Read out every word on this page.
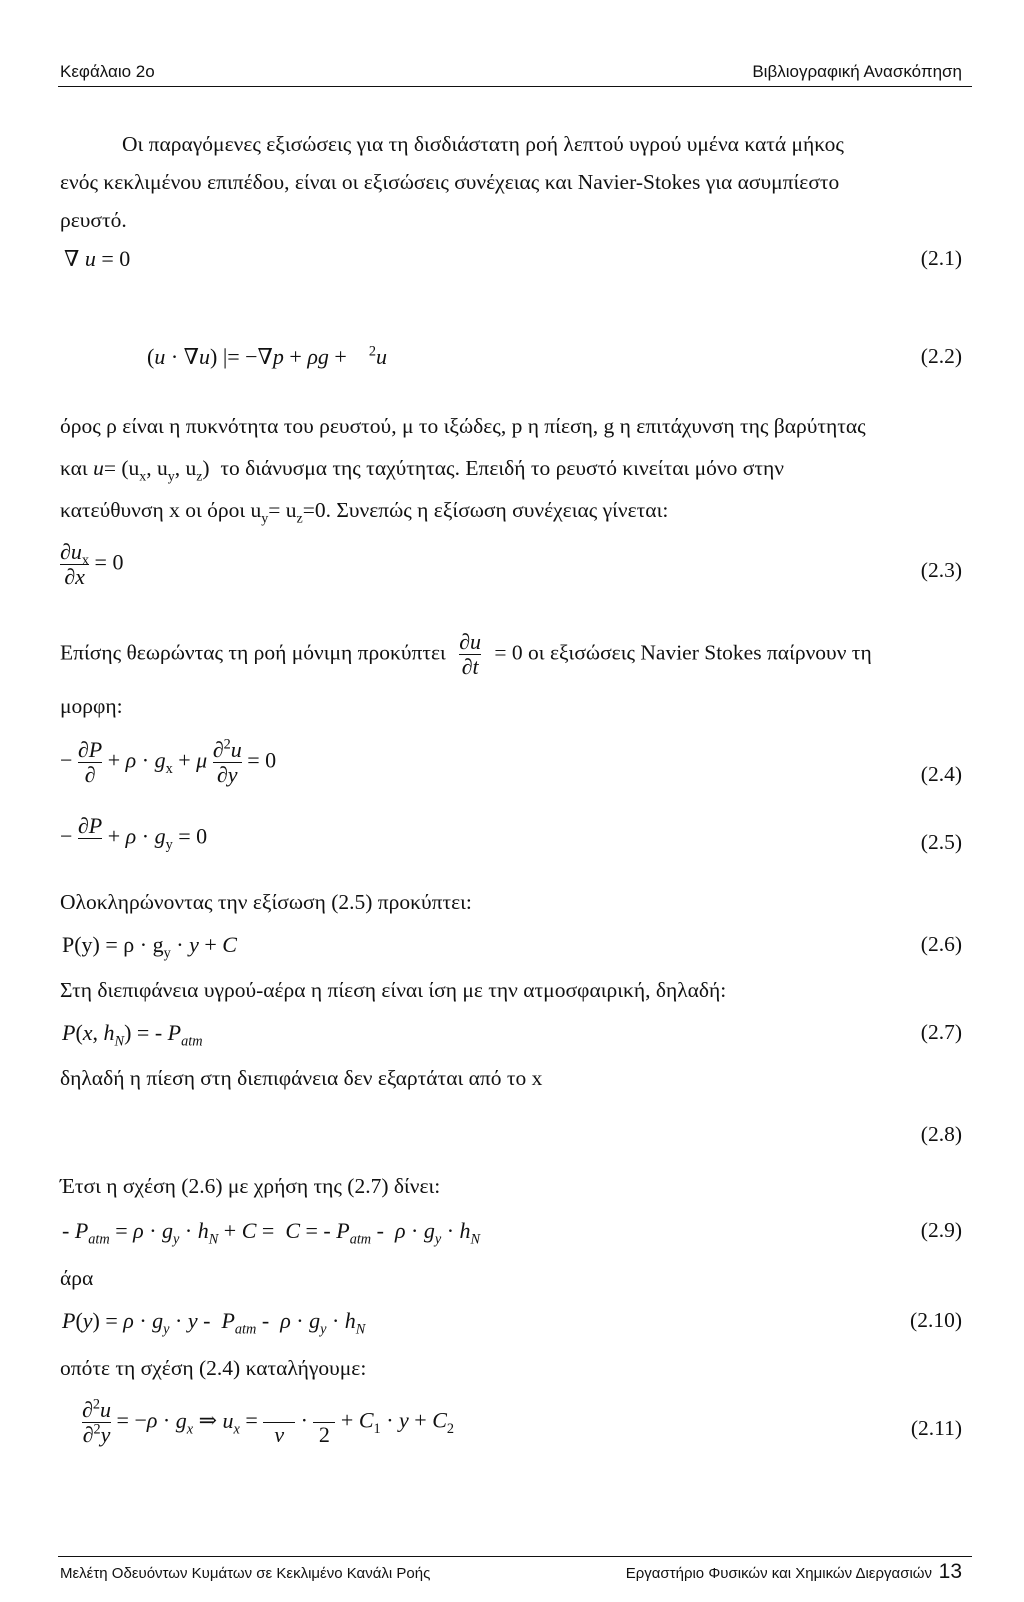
Κεφάλαιο 2ο	Βιβλιογραφική Ανασκόπηση
Οι παραγόμενες εξισώσεις για τη δισδιάστατη ροή λεπτού υγρού υμένα κατά μήκος
ενός κεκλιμένου επιπέδου, είναι οι εξισώσεις συνέχειας και Navier-Stokes για ασυμπίεστο
ρευστό.
∇ u = 0	(2.1)
(u · ∇u) |= −∇p + ρg +    $^2$u	(2.2)
όρος ρ είναι η πυκνότητα του ρευστού, μ το ιξώδες, p η πίεση, g η επιτάχυνση της βαρύτητας
και $u= (u_x$, $u_y$, $u_z$)  το διάνυσμα της ταχύτητας. Επειδή το ρευστό κινείται μόνο στην
κατεύθυνση x οι όροι $u_y= u_z=0$. Συνεπώς η εξίσωση συνέχειας γίνεται:
$\frac{\partial u_x}{\partial x} = 0$	(2.3)
Επίσης θεωρώντας τη ροή μόνιμη προκύπτει $\frac{\partial u}{\partial t} = 0$ οι εξισώσεις Navier Stokes παίρνουν τη
μορφη:
− $\frac{\partial P}{\partial} + \rho \cdot g_x + \mu \frac{\partial^2u}{\partial y} = 0$
(2.4)
− ∂P
+ $\rho \cdot g_y = 0$	(2.5)
Ολοκληρώνοντας την εξίσωση (2.5) προκύπτει:
$P(y) = \rho \cdot g_y \cdot y + C$	(2.6)
Στη διεπιφάνεια υγρού-αέρα η πίεση είναι ίση με την ατμοσφαιρική, δηλαδή:
P(x, $h_N$) = - $P_{atm}$	(2.7)
δηλαδή η πίεση στη διεπιφάνεια δεν εξαρτάται από το x
(2.8)
Έτσι η σχέση (2.6) με χρήση της (2.7) δίνει:
- $P_{atm} = \rho \cdot g_y \cdot h_N + C = C$ = - $P_{atm} - \rho \cdot g_y \cdot h_N$	(2.9)
άρα
$P(y) = \rho \cdot g_y \cdot y - P_{atm} - \rho \cdot g_y \cdot h_N$	(2.10)
οπότε τη σχέση (2.4) καταλήγουμε:
$\frac{\partial^2u}{\partial^2y} = -\rho \cdot g_x$ ⇒ $u_x$ =

ν
·

2
+ $C_1 \cdot y + C_2$	(2.11)
Μελέτη Οδευόντων Κυμάτων σε Κεκλιμένο Κανάλι Ροής	Εργαστήριο Φυσικών και Χημικών Διεργασιών 13
